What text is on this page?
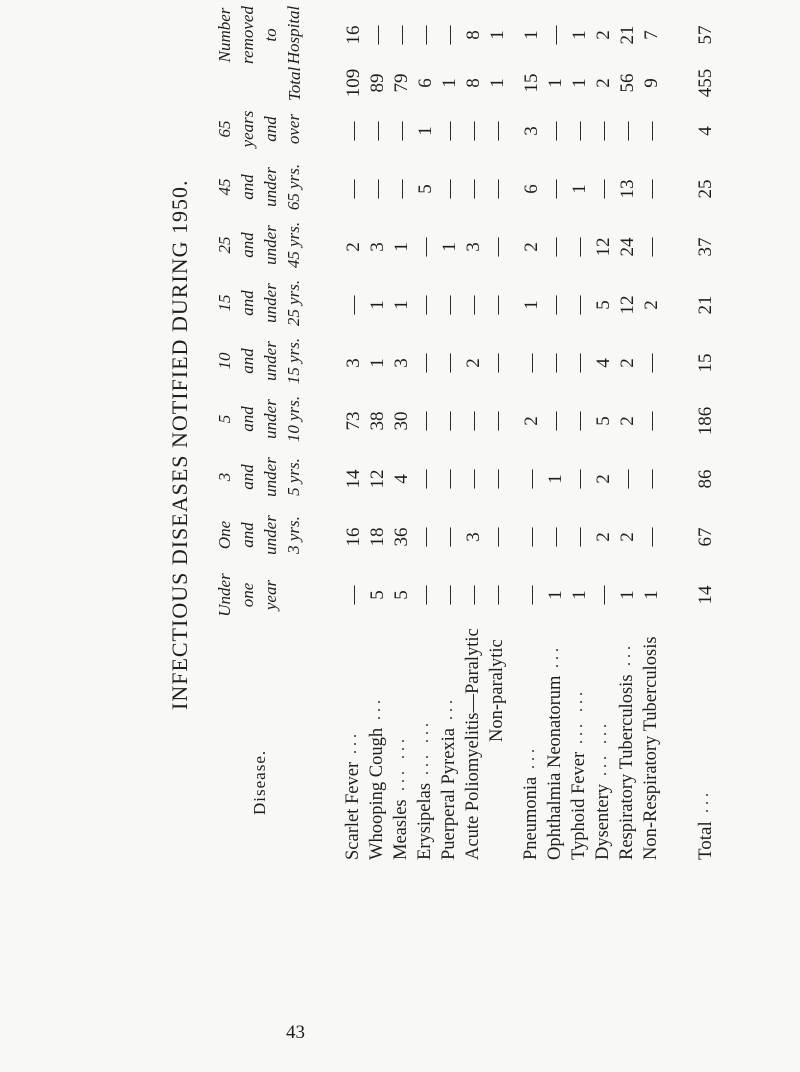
43
INFECTIOUS DISEASES NOTIFIED DURING 1950.
Disease.
Under one year
One and under 3 yrs.
3 and under 5 yrs.
5 and under 10 yrs.
10 and under 15 yrs.
15 and under 25 yrs.
25 and under 45 yrs.
45 and under 65 yrs.
65 years and over
Total
Number removed to Hospital
Scarlet Fever
...
—
16
14
73
3
—
2
—
—
109
16
Whooping Cough
...
5
18
12
38
1
1
3
—
—
89
—
Measles
... ...
5
36
4
30
3
1
1
—
—
79
—
Erysipelas
... ...
—
—
—
—
—
—
—
5
1
6
—
Puerperal Pyrexia
...
—
—
—
—
—
—
1
—
—
1
—
Acute Poliomyelitis—Paralytic
—
3
—
—
2
—
3
—
—
8
8
Non-paralytic
—
—
—
—
—
—
—
—
—
1
1
Pneumonia
...
—
—
—
2
—
1
2
6
3
15
1
Ophthalmia Neonatorum
...
1
—
1
—
—
—
—
—
—
1
—
Typhoid Fever
... ...
1
—
—
—
—
—
—
1
—
1
1
Dysentery
... ...
—
2
2
5
4
5
12
—
—
2
2
Respiratory Tuberculosis
...
1
2
—
2
2
12
24
13
—
56
21
Non-Respiratory Tuberculosis
1
—
—
—
—
2
—
—
—
9
7
Total
...
14
67
86
186
15
21
37
25
4
455
57
